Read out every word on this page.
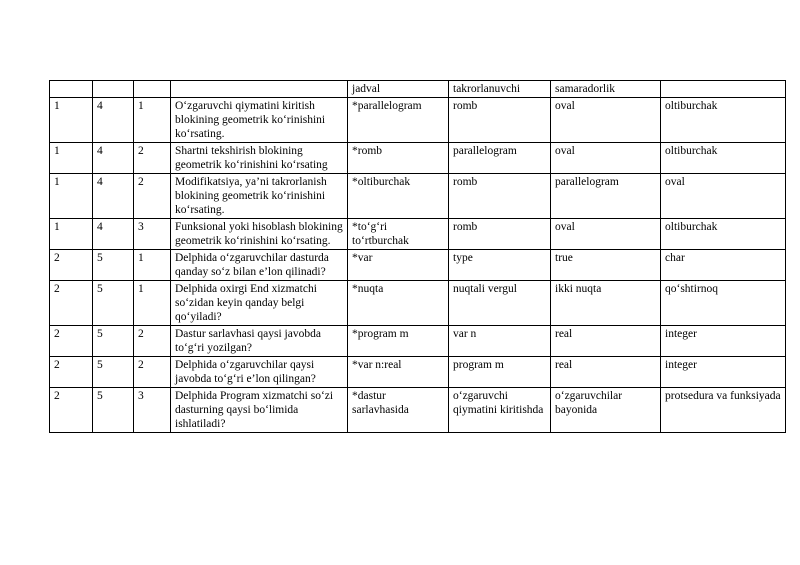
				jadval	takrorlanuvchi	samaradorlik	
1	4	1	O‘zgaruvchi qiymatini kiritish blokining geometrik ko‘rinishini ko‘rsating.	*parallelogram	romb	oval	oltiburchak
1	4	2	Shartni tekshirish blokining geometrik ko‘rinishini ko‘rsating	*romb	parallelogram	oval	oltiburchak
1	4	2	Modifikatsiya, ya’ni takrorlanish blokining geometrik ko‘rinishini ko‘rsating.	*oltiburchak	romb	parallelogram	oval
1	4	3	Funksional yoki hisoblash blokining geometrik ko‘rinishini ko‘rsating.	*to‘g‘ri to‘rtburchak	romb	oval	oltiburchak
2	5	1	Delphida o‘zgaruvchilar dasturda qanday so‘z bilan e’lon qilinadi?	*var	type	true	char
2	5	1	Delphida oxirgi End xizmatchi so‘zidan keyin qanday belgi qo‘yiladi?	*nuqta	nuqtali vergul	ikki nuqta	qo‘shtirnoq
2	5	2	Dastur sarlavhasi qaysi javobda to‘g‘ri yozilgan?	*program m	var n	real	integer
2	5	2	Delphida o‘zgaruvchilar qaysi javobda to‘g‘ri e’lon qilingan?	*var n:real	program m	real	integer
2	5	3	Delphida Program xizmatchi so‘zi dasturning qaysi bo‘limida ishlatiladi?	*dastur sarlavhasida	o‘zgaruvchi qiymatini kiritishda	o‘zgaruvchilar bayonida	protsedura va funksiyada
